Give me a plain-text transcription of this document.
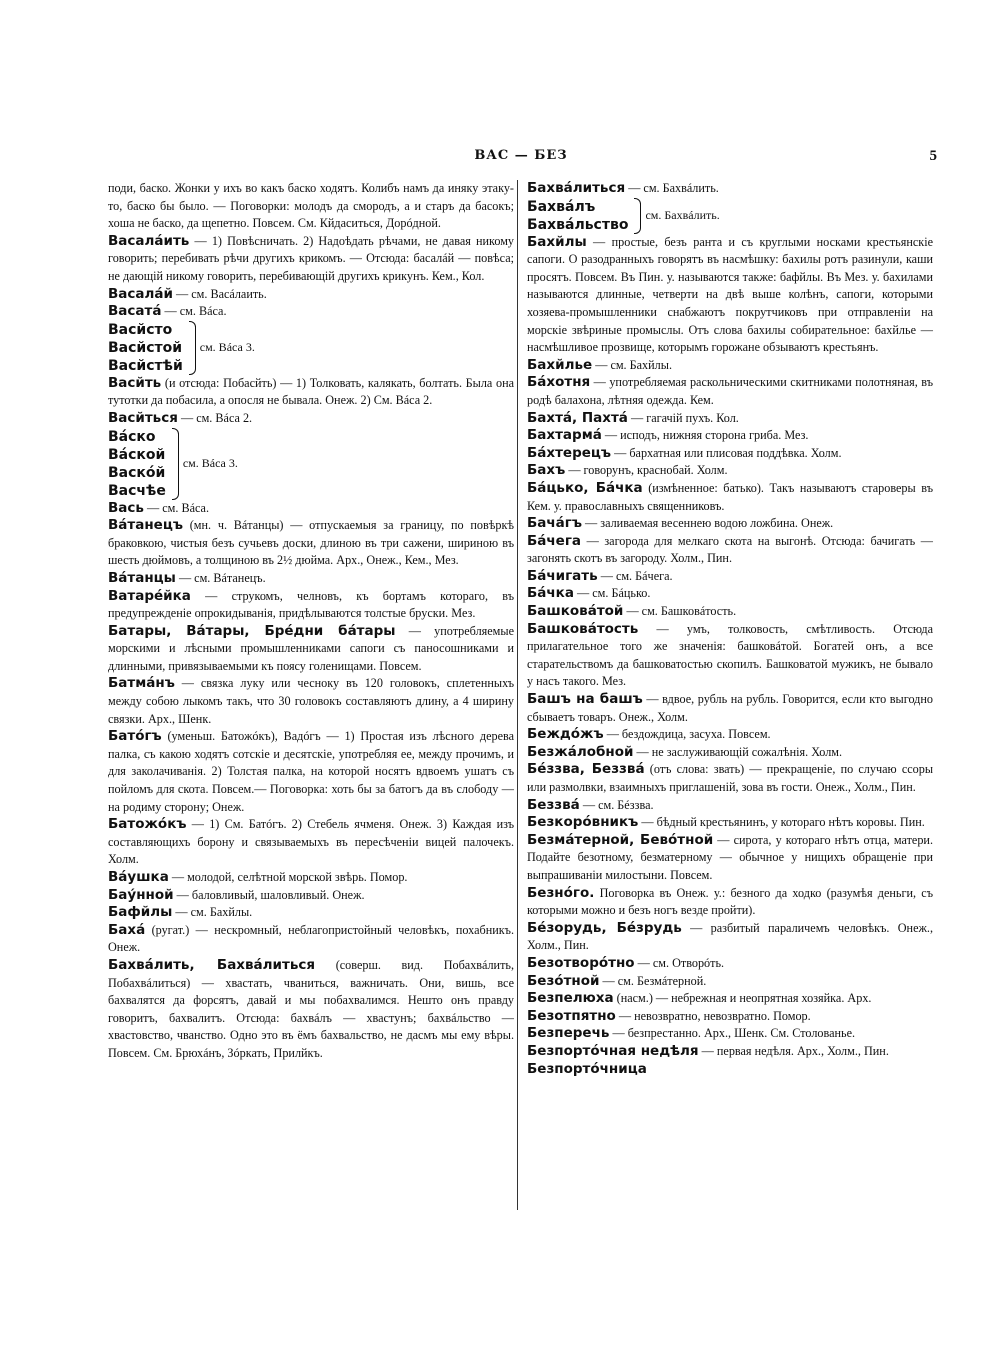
ВАС — БЕЗ	5

поди, баско. Жонки у ихъ во какъ баско ходятъ. Колибъ намъ да иняку этаку-то, баско бы было. — Поговорки: молодъ да смородъ, а и старъ да басокъ; хоша не баско, да щепетно. Повсем. См. Кйдаситься, Дорóдной.

Васалáить — 1) Повѣсничать. 2) Надоѣдать рѣчами, не давая никому говорить; перебивать рѣчи другихъ крикомъ. — Отсюда: басалáй — повѣса; не дающій никому говорить, перебивающій другихъ крикунъ. Кем., Кол.

Васалáй — см. Васáлаить.

Васатá — см. Вáса.

Васйсто
Васйстой
Васйстѣй
см. Вáса 3.

Васйть (и отсюда: Побасйть) — 1) Толковать, калякать, болтать. Была она тутотки да побасила, а опосля не бывала. Онеж. 2) См. Вáса 2.

Васйться — см. Вáса 2.

Вáско
Вáской
Васкóй
Васчѣе
см. Вáса 3.

Вась — см. Вáса.

Вáтанецъ (мн. ч. Вáтанцы) — отпускаемыя за границу, по повѣркѣ браковкою, чистыя безъ сучьевъ доски, длиною въ три сажени, шириною въ шесть дюймовъ, а толщиною въ 2½ дюйма. Арх., Онеж., Кем., Мез.

Вáтанцы — см. Вáтанецъ.

Ватарéйка — струкомъ, челновъ, къ бортамъ котораго, въ предупрежденіе опрокидыванія, придѣлываются толстые бруски. Мез.

Батары, Вáтары, Брéдни бáтары — употребляемые морскими и лѣсными промышленниками сапоги съ паносошниками и длинными, привязываемыми къ поясу голенищами. Повсем.

Батмáнъ — связка луку или чесноку въ 120 головокъ, сплетенныхъ между собою лыкомъ такъ, что 30 головокъ составляютъ длину, а 4 ширину связки. Арх., Шенк.

Батóгъ (уменьш. Батожóкъ), Вадóгъ — 1) Простая изъ лѣсного дерева палка, съ какою ходятъ сотскіе и десятскіе, употребляя ее, между прочимъ, и для заколачиванія. 2) Толстая палка, на которой носятъ вдвоемъ ушатъ съ пойломъ для скота. Повсем.— Поговорка: хоть бы за батогъ да въ слободу — на родиму сторону; Онеж.

Батожóкъ — 1) См. Батóгъ. 2) Стебель ячменя. Онеж. 3) Каждая изъ составляющихъ борону и связываемыхъ въ пересѣченіи вицей палочекъ. Холм.

Вáушка — молодой, селѣтной морской звѣрь. Помор.

Баýнной — баловливый, шаловливый. Онеж.

Бафйлы — см. Бахйлы.

Бахá (ругат.) — нескромный, неблагопристойный человѣкъ, похабникъ. Онеж.

Бахвáлить, Бахвáлиться (соверш. вид. Побахвáлить, Побахвáлиться) — хвастать, чваниться, важничать. Они, вишь, все бахвалятся да форсятъ, давай и мы побахвалимся. Нешто онъ правду говоритъ, бахвалитъ. Отсюда: бахвáлъ — хвастунъ; бахвáльство — хвастовство, чванство. Одно это въ ёмъ бахвальство, не дасмъ мы ему вѣры. Повсем. См. Брюхáнъ, Зóркать, Прилйкъ.

Бахвáлиться — см. Бахвáлить.

Бахвáлъ
Бахвáльство
см. Бахвáлить.

Бахйлы — простые, безъ ранта и съ круглыми носками крестьянскіе сапоги. О разодранныхъ говорятъ въ насмѣшку: бахилы ротъ разинули, каши просятъ. Повсем. Въ Пин. у. называются также: бафйлы. Въ Мез. у. бахилами называются длинные, четверти на двѣ выше колѣнъ, сапоги, которыми хозяева-промышленники снабжаютъ покрутчиковъ при отправленіи на морскіе звѣриные промыслы. Отъ слова бахилы собирательное: бахйлье — насмѣшливое прозвище, которымъ горожане обзываютъ крестьянъ.

Бахйлье — см. Бахйлы.

Бáхотня — употребляемая раскольническими скитниками полотняная, въ родѣ балахона, лѣтняя одежда. Кем.

Бахтá, Пахтá — гагачій пухъ. Кол.

Бахтармá — исподъ, нижняя сторона гриба. Мез.

Бáхтерецъ — бархатная или плисовая поддѣвка. Холм.

Бахъ — говорунъ, краснобай. Холм.

Бáцько, Бáчка (измѣненное: батько). Такъ называютъ староверы въ Кем. у. православныхъ священниковъ.

Бачáгъ — заливаемая весеннею водою ложбина. Онеж.

Бáчега — загорода для мелкаго скота на выгонѣ. Отсюда: бачигать — загонять скотъ въ загороду. Холм., Пин.

Бáчигать — см. Бáчега.

Бáчка — см. Бáцько.

Башковáтой — см. Башковáтость.

Башковáтость — умъ, толковость, смѣтливость. Отсюда прилагательное того же значенія: башковáтой. Богатей онъ, а все старательствомъ да башковатостью скопилъ. Башковатой мужикъ, не бывало у насъ такого. Мез.

Башъ на башъ — вдвое, рубль на рубль. Говорится, если кто выгодно сбываетъ товаръ. Онеж., Холм.

Беждóжъ — бездождица, засуха. Повсем.

Безжáлобной — не заслуживающій сожалѣнія. Холм.

Бéззва, Беззвá (отъ слова: звать) — прекращеніе, по случаю ссоры или размолвки, взаимныхъ приглашеній, зова въ гости. Онеж., Холм., Пин.

Беззвá — см. Бéззва.

Безкорóвникъ — бѣдный крестьянинъ, у котораго нѣтъ коровы. Пин.

Безмáтерной, Бевóтной — сирота, у котораго нѣтъ отца, матери. Подайте безотному, безматерному — обычное у нищихъ обращеніе при выпрашиваніи милостыни. Повсем.

Безнóго. Поговорка въ Онеж. у.: безного да ходко (разумѣя деньги, съ которыми можно и безъ ногъ везде пройти).

Бéзорудь, Бéзрудь — разбитый параличемъ человѣкъ. Онеж., Холм., Пин.

Безотворóтно — см. Отворóть.

Безóтной — см. Безмáтерной.

Безпелюха (насм.) — небрежная и неопрятная хозяйка. Арх.

Безотпятно — невозвратно, невозвратно. Помор.

Безперечь — безпрестанно. Арх., Шенк. См. Столованье.

Безпортóчная недѣля — первая недѣля. Арх., Холм., Пин.

Безпортóчница
